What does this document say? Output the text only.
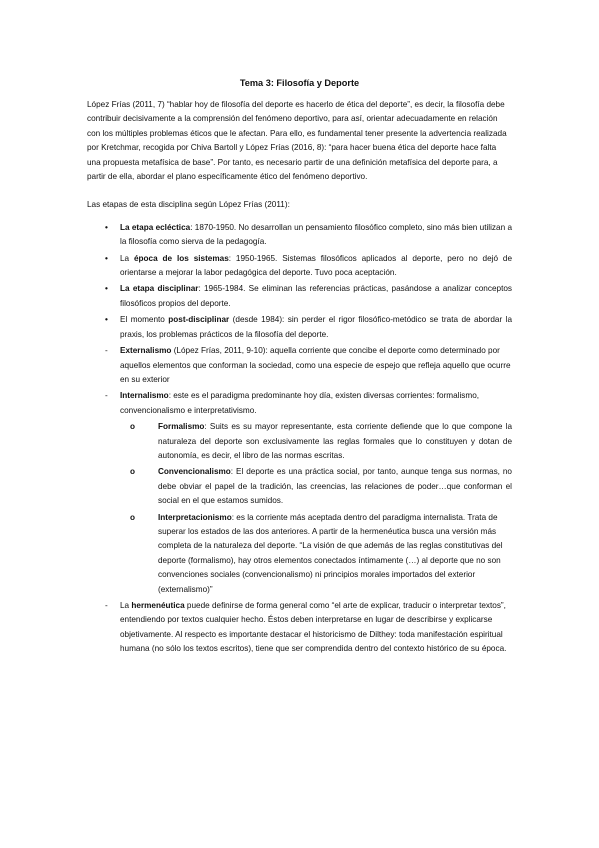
Tema 3: Filosofía y Deporte

López Frías (2011, 7) “hablar hoy de filosofía del deporte es hacerlo de ética del deporte”, es decir, la filosofía debe contribuir decisivamente a la comprensión del fenómeno deportivo, para así, orientar adecuadamente en relación con los múltiples problemas éticos que le afectan. Para ello, es fundamental tener presente la advertencia realizada por Kretchmar, recogida por Chiva Bartoll y López Frías (2016, 8): “para hacer buena ética del deporte hace falta una propuesta metafísica de base”. Por tanto, es necesario partir de una definición metafísica del deporte para, a partir de ella, abordar el plano específicamente ético del fenómeno deportivo.

Las etapas de esta disciplina según López Frías (2011):

•	La etapa ecléctica: 1870-1950. No desarrollan un pensamiento filosófico completo, sino más bien utilizan a la filosofía como sierva de la pedagogía.
•	La época de los sistemas: 1950-1965. Sistemas filosóficos aplicados al deporte, pero no dejó de orientarse a mejorar la labor pedagógica del deporte. Tuvo poca aceptación.
•	La etapa disciplinar: 1965-1984. Se eliminan las referencias prácticas, pasándose a analizar conceptos filosóficos propios del deporte.
•	El momento post-disciplinar (desde 1984): sin perder el rigor filosófico-metódico se trata de abordar la praxis, los problemas prácticos de la filosofía del deporte.
-	Externalismo (López Frías, 2011, 9-10): aquella corriente que concibe el deporte como determinado por aquellos elementos que conforman la sociedad, como una especie de espejo que refleja aquello que ocurre en su exterior
-	Internalismo: este es el paradigma predominante hoy día, existen diversas corrientes: formalismo, convencionalismo e interpretativismo.
o	Formalismo: Suits es su mayor representante, esta corriente defiende que lo que compone la naturaleza del deporte son exclusivamente las reglas formales que lo constituyen y dotan de autonomía, es decir, el libro de las normas escritas.
o	Convencionalismo: El deporte es una práctica social, por tanto, aunque tenga sus normas, no debe obviar el papel de la tradición, las creencias, las relaciones de poder…que conforman el social en el que estamos sumidos.
o	Interpretacionismo: es la corriente más aceptada dentro del paradigma internalista. Trata de superar los estados de las dos anteriores. A partir de la hermenéutica busca una versión más completa de la naturaleza del deporte. “La visión de que además de las reglas constitutivas del deporte (formalismo), hay otros elementos conectados íntimamente (…) al deporte que no son convenciones sociales (convencionalismo) ni principios morales importados del exterior (externalismo)”
-	La hermenéutica puede definirse de forma general como “el arte de explicar, traducir o interpretar textos”, entendiendo por textos cualquier hecho. Éstos deben interpretarse en lugar de describirse y explicarse objetivamente. Al respecto es importante destacar el historicismo de Dilthey: toda manifestación espiritual humana (no sólo los textos escritos), tiene que ser comprendida dentro del contexto histórico de su época.
